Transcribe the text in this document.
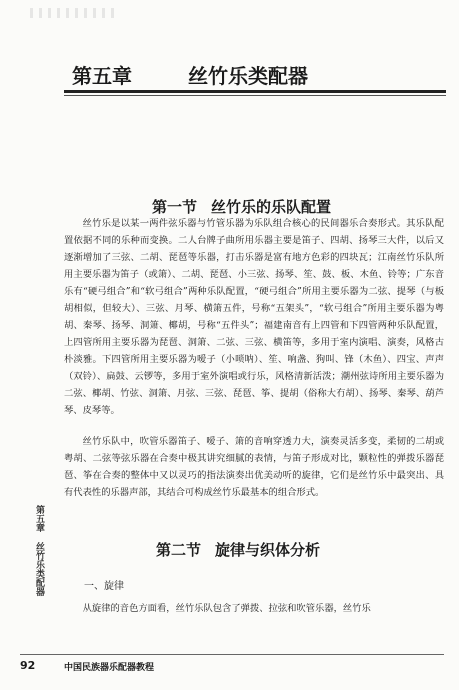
第五章	丝竹乐类配器
第一节 丝竹乐的乐队配置

丝竹乐是以某一两件弦乐器与竹管乐器为乐队组合核心的民间器乐合奏形式。其乐队配置依据不同的乐种而变换。二人台牌子曲所用乐器主要是笛子、四胡、扬琴三大件，以后又逐渐增加了三弦、二胡、琵琶等乐器，打击乐器是富有地方色彩的四块瓦；江南丝竹乐队所用主要乐器为笛子（或箫）、二胡、琵琶、小三弦、扬琴、笙、鼓、板、木鱼、铃等；广东音乐有“硬弓组合”和“软弓组合”两种乐队配置，“硬弓组合”所用主要乐器为二弦、提琴（与板胡相似，但较大）、三弦、月琴、横箫五件，号称“五架头”，“软弓组合”所用主要乐器为粤胡、秦琴、扬琴、洞箫、椰胡，号称“五件头”；福建南音有上四管和下四管两种乐队配置，上四管所用主要乐器为琵琶、洞箫、二弦、三弦、横笛等，多用于室内演唱、演奏，风格古朴淡雅。下四管所用主要乐器为嗳子（小唢呐）、笙、响盏、狗叫、锋（木鱼）、四宝、声声（双铃）、扁鼓、云锣等，多用于室外演唱或行乐，风格清新活泼；潮州弦诗所用主要乐器为二弦、椰胡、竹弦、洞箫、月弦、三弦、琵琶、筝、提胡（俗称大冇胡）、扬琴、秦琴、葫芦琴、皮琴等。

丝竹乐队中，吹管乐器笛子、嗳子、箫的音响穿透力大，演奏灵活多变，柔韧的二胡或粤胡、二弦等弦乐器在合奏中极其讲究细腻的表情，与笛子形成对比，颗粒性的弹拨乐器琵琶、筝在合奏的整体中又以灵巧的指法演奏出优美动听的旋律，它们是丝竹乐中最突出、具有代表性的乐器声部，其结合可构成丝竹乐最基本的组合形式。

第二节 旋律与织体分析
一、旋律

从旋律的音色方面看，丝竹乐队包含了弹拨、拉弦和吹管乐器，丝竹乐

第五章 丝竹乐类配器
92	中国民族器乐配器教程
